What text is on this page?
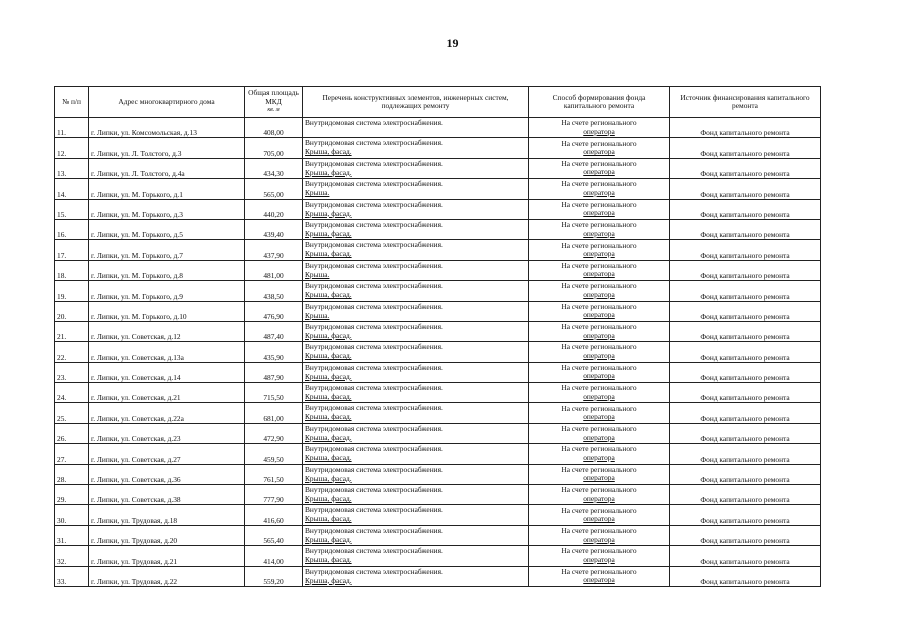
19
№ п/п	Адрес многоквартирного дома	Общая площадь МКД
кв. м	Перечень конструктивных элементов, инженерных систем, подлежащих ремонту	Способ формирования фонда капитального ремонта	Источник финансирования капитального ремонта
11.	г. Липки, ул. Комсомольская, д.13	408,00	Внутридомовая система электроснабжения.	На счете регионального
оператора	Фонд капитального ремонта
12.	г. Липки, ул. Л. Толстого, д.3	705,00	Внутридомовая система электроснабжения.
Крыша, фасад.	На счете регионального
оператора	Фонд капитального ремонта
13.	г. Липки, ул. Л. Толстого, д.4а	434,30	Внутридомовая система электроснабжения.
Крыша, фасад.	На счете регионального
оператора	Фонд капитального ремонта
14.	г. Липки, ул. М. Горького, д.1	565,00	Внутридомовая система электроснабжения.
Крыша.	На счете регионального
оператора	Фонд капитального ремонта
15.	г. Липки, ул. М. Горького, д.3	440,20	Внутридомовая система электроснабжения.
Крыша, фасад.	На счете регионального
оператора	Фонд капитального ремонта
16.	г. Липки, ул. М. Горького, д.5	439,40	Внутридомовая система электроснабжения.
Крыша, фасад.	На счете регионального
оператора	Фонд капитального ремонта
17.	г. Липки, ул. М. Горького, д.7	437,90	Внутридомовая система электроснабжения.
Крыша, фасад.	На счете регионального
оператора	Фонд капитального ремонта
18.	г. Липки, ул. М. Горького, д.8	481,00	Внутридомовая система электроснабжения.
Крыша.	На счете регионального
оператора	Фонд капитального ремонта
19.	г. Липки, ул. М. Горького, д.9	438,50	Внутридомовая система электроснабжения.
Крыша, фасад.	На счете регионального
оператора	Фонд капитального ремонта
20.	г. Липки, ул. М. Горького, д.10	476,90	Внутридомовая система электроснабжения.
Крыша.	На счете регионального
оператора	Фонд капитального ремонта
21.	г. Липки, ул. Советская, д.12	487,40	Внутридомовая система электроснабжения.
Крыша, фасад.	На счете регионального
оператора	Фонд капитального ремонта
22.	г. Липки, ул. Советская, д.13а	435,90	Внутридомовая система электроснабжения.
Крыша, фасад.	На счете регионального
оператора	Фонд капитального ремонта
23.	г. Липки, ул. Советская, д.14	487,90	Внутридомовая система электроснабжения.
Крыша, фасад.	На счете регионального
оператора	Фонд капитального ремонта
24.	г. Липки, ул. Советская, д.21	715,50	Внутридомовая система электроснабжения.
Крыша, фасад.	На счете регионального
оператора	Фонд капитального ремонта
25.	г. Липки, ул. Советская, д.22а	681,00	Внутридомовая система электроснабжения.
Крыша, фасад.	На счете регионального
оператора	Фонд капитального ремонта
26.	г. Липки, ул. Советская, д.23	472,90	Внутридомовая система электроснабжения.
Крыша, фасад.	На счете регионального
оператора	Фонд капитального ремонта
27.	г. Липки, ул. Советская, д.27	459,50	Внутридомовая система электроснабжения.
Крыша, фасад.	На счете регионального
оператора	Фонд капитального ремонта
28.	г. Липки, ул. Советская, д.36	761,50	Внутридомовая система электроснабжения.
Крыша, фасад.	На счете регионального
оператора	Фонд капитального ремонта
29.	г. Липки, ул. Советская, д.38	777,90	Внутридомовая система электроснабжения.
Крыша, фасад.	На счете регионального
оператора	Фонд капитального ремонта
30.	г. Липки, ул. Трудовая, д.18	416,60	Внутридомовая система электроснабжения.
Крыша, фасад.	На счете регионального
оператора	Фонд капитального ремонта
31.	г. Липки, ул. Трудовая, д.20	565,40	Внутридомовая система электроснабжения.
Крыша, фасад.	На счете регионального
оператора	Фонд капитального ремонта
32.	г. Липки, ул. Трудовая, д.21	414,00	Внутридомовая система электроснабжения.
Крыша, фасад.	На счете регионального
оператора	Фонд капитального ремонта
33.	г. Липки, ул. Трудовая, д.22	559,20	Внутридомовая система электроснабжения.
Крыша, фасад.	На счете регионального
оператора	Фонд капитального ремонта
